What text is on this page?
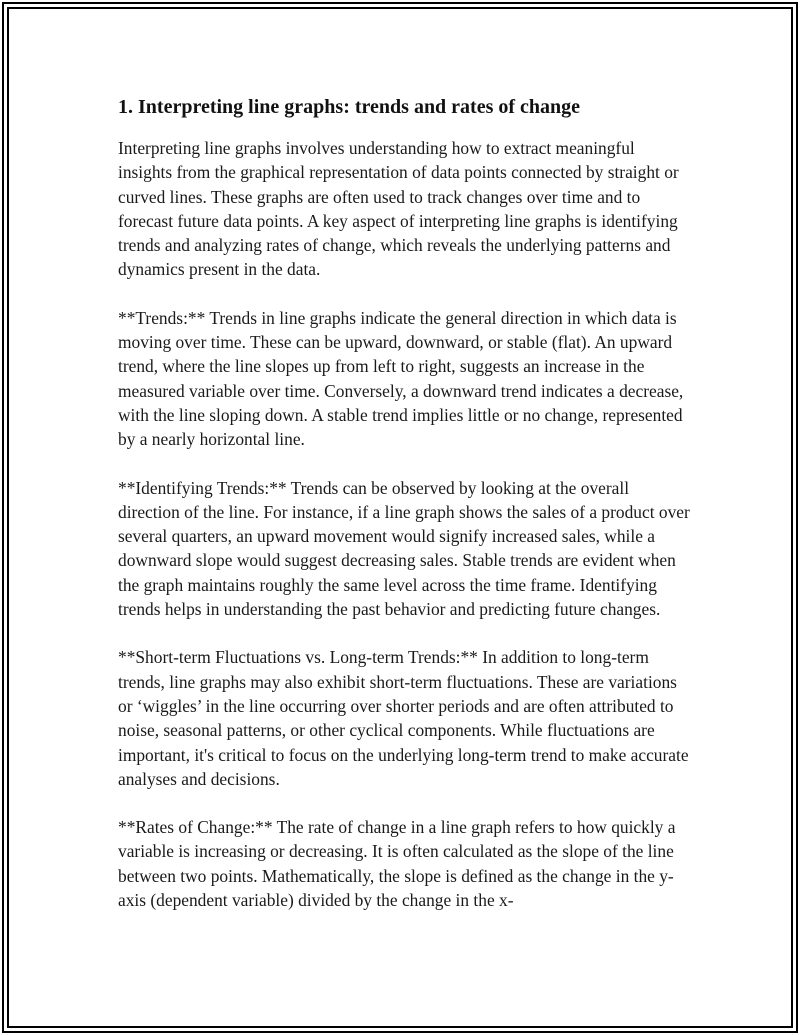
1. Interpreting line graphs: trends and rates of change

Interpreting line graphs involves understanding how to extract meaningful insights from the graphical representation of data points connected by straight or curved lines. These graphs are often used to track changes over time and to forecast future data points. A key aspect of interpreting line graphs is identifying trends and analyzing rates of change, which reveals the underlying patterns and dynamics present in the data.

**Trends:** Trends in line graphs indicate the general direction in which data is moving over time. These can be upward, downward, or stable (flat). An upward trend, where the line slopes up from left to right, suggests an increase in the measured variable over time. Conversely, a downward trend indicates a decrease, with the line sloping down. A stable trend implies little or no change, represented by a nearly horizontal line.

**Identifying Trends:** Trends can be observed by looking at the overall direction of the line. For instance, if a line graph shows the sales of a product over several quarters, an upward movement would signify increased sales, while a downward slope would suggest decreasing sales. Stable trends are evident when the graph maintains roughly the same level across the time frame. Identifying trends helps in understanding the past behavior and predicting future changes.

**Short-term Fluctuations vs. Long-term Trends:** In addition to long-term trends, line graphs may also exhibit short-term fluctuations. These are variations or ‘wiggles’ in the line occurring over shorter periods and are often attributed to noise, seasonal patterns, or other cyclical components. While fluctuations are important, it's critical to focus on the underlying long-term trend to make accurate analyses and decisions.

**Rates of Change:** The rate of change in a line graph refers to how quickly a variable is increasing or decreasing. It is often calculated as the slope of the line between two points. Mathematically, the slope is defined as the change in the y-axis (dependent variable) divided by the change in the x-
